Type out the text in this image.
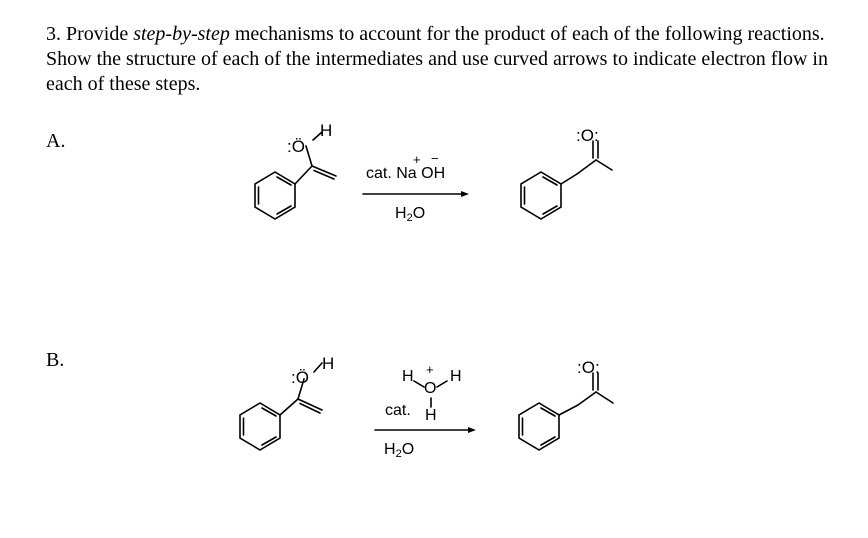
3. Provide step-by-step mechanisms to account for the product of each of the following reactions. Show the structure of each of the intermediates and use curved arrows to indicate electron flow in each of these steps.
A.
B.
:Ö
H
cat. Na OH
+ −
$H_2O$
:O:
:Ö
H
H +
O
H
cat. H
$H_2O$
:O:
